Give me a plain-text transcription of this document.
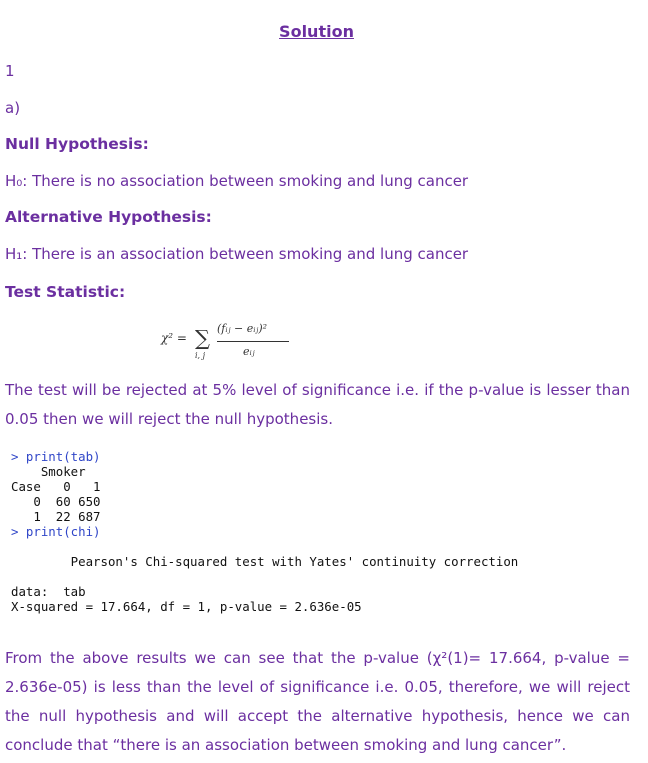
Solution
1
a)
Null Hypothesis:
H₀: There is no association between smoking and lung cancer
Alternative Hypothesis:
H₁: There is an association between smoking and lung cancer
Test Statistic:
χ² = ∑
i, j
(fᵢⱼ − eᵢⱼ)²
eᵢⱼ
The test will be rejected at 5% level of significance i.e. if the p-value is lesser than 0.05 then we will reject the null hypothesis.
> print(tab)
Smoker
Case   0   1
0  60 650
1  22 687
> print(chi)

Pearson's Chi-squared test with Yates' continuity correction

data:  tab
X-squared = 17.664, df = 1, p-value = 2.636e-05
From the above results we can see that the p-value (χ²(1)= 17.664, p-value = 2.636e-05) is less than the level of significance i.e. 0.05, therefore, we will reject the null hypothesis and will accept the alternative hypothesis, hence we can conclude that “there is an association between smoking and lung cancer”.
